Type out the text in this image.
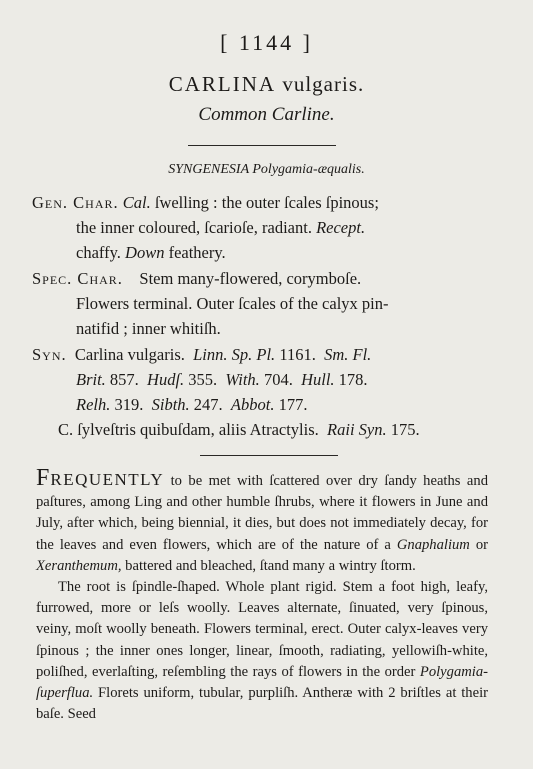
[ 1144 ]
CARLINA vulgaris.
Common Carline.
SYNGENESIA Polygamia-æqualis.

Gen. Char. Cal. ſwelling : the outer ſcales ſpinous;

the inner coloured, ſcarioſe, radiant. Recept.

chaffy. Down feathery.

Spec. Char. Stem many-flowered, corymboſe.

Flowers terminal. Outer ſcales of the calyx pin-

natifid ; inner whitiſh.

Syn. Carlina vulgaris. Linn. Sp. Pl. 1161. Sm. Fl.

Brit. 857. Hudſ. 355. With. 704. Hull. 178.

Relh. 319. Sibth. 247. Abbot. 177.

C. ſylveſtris quibuſdam, aliis Atractylis. Raii Syn. 175.

FREQUENTLY to be met with ſcattered over dry ſandy heaths and paſtures, among Ling and other humble ſhrubs, where it flowers in June and July, after which, being biennial, it dies, but does not immediately decay, for the leaves and even flowers, which are of the nature of a Gnaphalium or Xeranthemum, battered and bleached, ſtand many a wintry ſtorm.

The root is ſpindle-ſhaped. Whole plant rigid. Stem a foot high, leafy, furrowed, more or leſs woolly. Leaves alternate, ſinuated, very ſpinous, veiny, moſt woolly beneath. Flowers terminal, erect. Outer calyx-leaves very ſpinous ; the inner ones longer, linear, ſmooth, radiating, yellowiſh-white, poliſhed, everlaſting, reſembling the rays of flowers in the order Polygamia-ſuperflua. Florets uniform, tubular, purpliſh. Antheræ with 2 briſtles at their baſe. Seed
